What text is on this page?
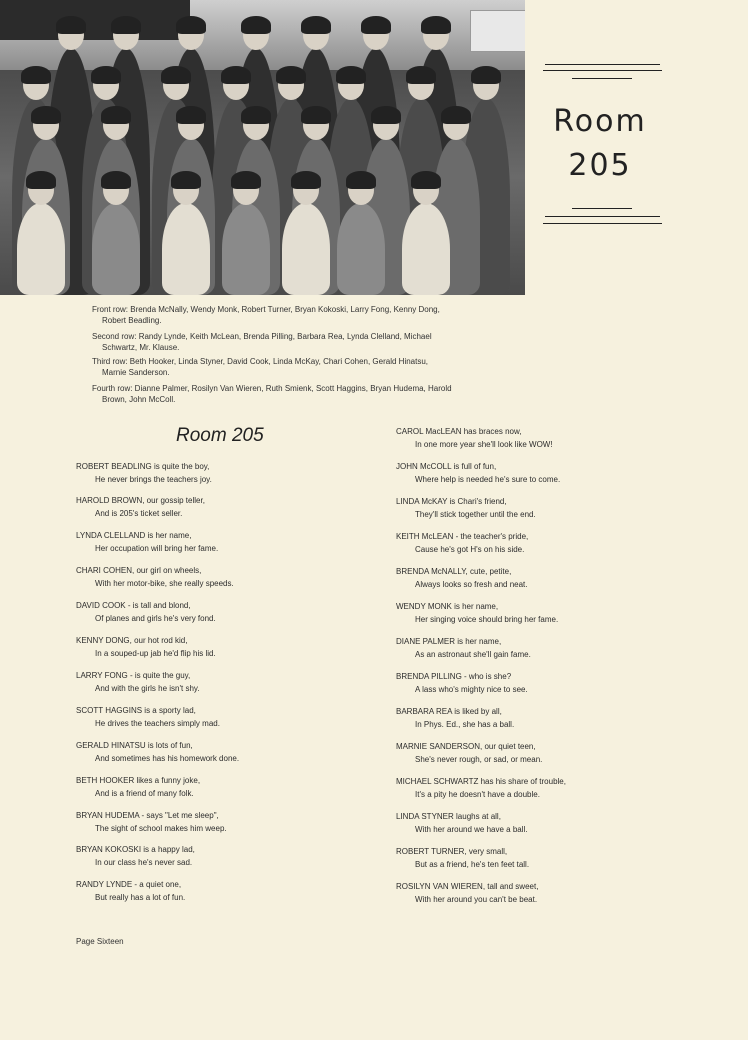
Room
205

Front row: Brenda McNally, Wendy Monk, Robert Turner, Bryan Kokoski, Larry Fong, Kenny Dong,
Robert Beadling.

Second row: Randy Lynde, Keith McLean, Brenda Pilling, Barbara Rea, Lynda Clelland, Michael
Schwartz, Mr. Klause.

Third row: Beth Hooker, Linda Styner, David Cook, Linda McKay, Chari Cohen, Gerald Hinatsu,
Marnie Sanderson.

Fourth row: Dianne Palmer, Rosilyn Van Wieren, Ruth Smienk, Scott Haggins, Bryan Hudema, Harold
Brown, John McColl.

Room 205
ROBERT BEADLING is quite the boy,
He never brings the teachers joy.
HAROLD BROWN, our gossip teller,
And is 205's ticket seller.
LYNDA CLELLAND is her name,
Her occupation will bring her fame.
CHARI COHEN, our girl on wheels,
With her motor-bike, she really speeds.
DAVID COOK - is tall and blond,
Of planes and girls he's very fond.
KENNY DONG, our hot rod kid,
In a souped-up jab he'd flip his lid.
LARRY FONG - is quite the guy,
And with the girls he isn't shy.
SCOTT HAGGINS is a sporty lad,
He drives the teachers simply mad.
GERALD HINATSU is lots of fun,
And sometimes has his homework done.
BETH HOOKER likes a funny joke,
And is a friend of many folk.
BRYAN HUDEMA - says "Let me sleep",
The sight of school makes him weep.
BRYAN KOKOSKI is a happy lad,
In our class he's never sad.
RANDY LYNDE - a quiet one,
But really has a lot of fun.
CAROL MacLEAN has braces now,
In one more year she'll look like WOW!
JOHN McCOLL is full of fun,
Where help is needed he's sure to come.
LINDA McKAY is Chari's friend,
They'll stick together until the end.
KEITH McLEAN - the teacher's pride,
Cause he's got H's on his side.
BRENDA McNALLY, cute, petite,
Always looks so fresh and neat.
WENDY MONK is her name,
Her singing voice should bring her fame.
DIANE PALMER is her name,
As an astronaut she'll gain fame.
BRENDA PILLING - who is she?
A lass who's mighty nice to see.
BARBARA REA is liked by all,
In Phys. Ed., she has a ball.
MARNIE SANDERSON, our quiet teen,
She's never rough, or sad, or mean.
MICHAEL SCHWARTZ has his share of trouble,
It's a pity he doesn't have a double.
LINDA STYNER laughs at all,
With her around we have a ball.
ROBERT TURNER, very small,
But as a friend, he's ten feet tall.
ROSILYN VAN WIEREN, tall and sweet,
With her around you can't be beat.

Page Sixteen
